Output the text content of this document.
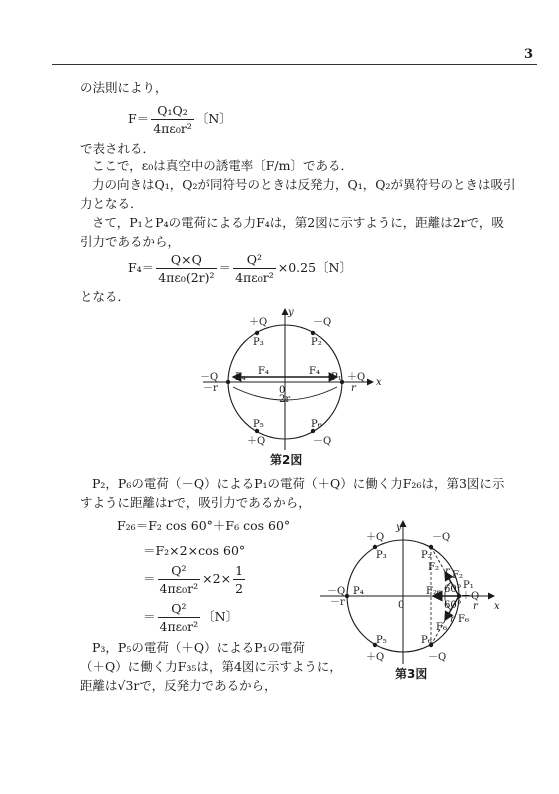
3
の法則により，
$F= \frac{\text{Q₁Q₂}}{\text{4πε₀r²}}$ 〔N〕
で表される．
ここで，ε₀は真空中の誘電率〔F/m〕である．
力の向きはQ₁，Q₂が同符号のときは反発力，Q₁，Q₂が異符号のときは吸引
力となる．
さて，P₁とP₄の電荷による力F₄は，第2図に示すように，距離は2rで，吸
引力であるから，
$F_4= \frac{Q\times Q}{\text{4πε₀(2r)²}} = \frac{\text{Q²}}{\text{4πε₀r²}} \times 0.25$〔N〕
となる．
y
x
0
＋Q	－Q
P₃	P₂
－Q
－r
P₄
F₄	F₄
P₁ ＋Q
r
2r
P₅	P₆
＋Q	－Q
第2図
P₂，P₆の電荷（－Q）によるP₁の電荷（＋Q）に働く力F₂₆は，第3図に示
すように距離はrで，吸引力であるから，
F₂₆＝F₂ cos 60°＋F₆ cos 60°
＝F₂×2×cos 60°
＝ $\frac{\text{Q²}}{\text{4πε₀r²}} \times 2\times \frac{1}{2}$
＝ $\frac{\text{Q²}}{\text{4πε₀r²}}$ 〔N〕
P₃，P₅の電荷（＋Q）によるP₁の電荷
（＋Q）に働く力F₃₅は，第4図に示すように，
距離は√3rで，反発力であるから，
y
x
0
＋Q	－Q
P₃	P₂
F₂ r F₂
P₁
＋Q
r
－Q
－r
P₄	F₂₆ 60°
60°
r F₆
F₆
P₅	P₆
＋Q	－Q
第3図
